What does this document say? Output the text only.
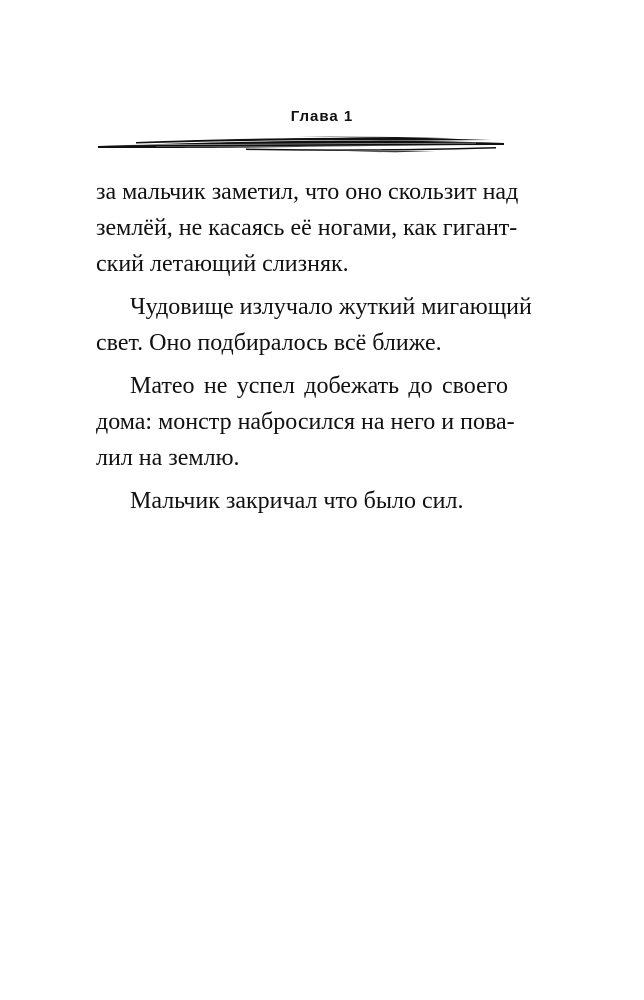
Глава 1

за мальчик заметил, что оно скользит над
землёй, не касаясь её ногами, как гигант-
ский летающий слизняк.

Чудовище излучало жуткий мигающий
свет. Оно подбиралось всё ближе.

Матео не успел добежать до своего
дома: монстр набросился на него и пова-
лил на землю.

Мальчик закричал что было сил.
